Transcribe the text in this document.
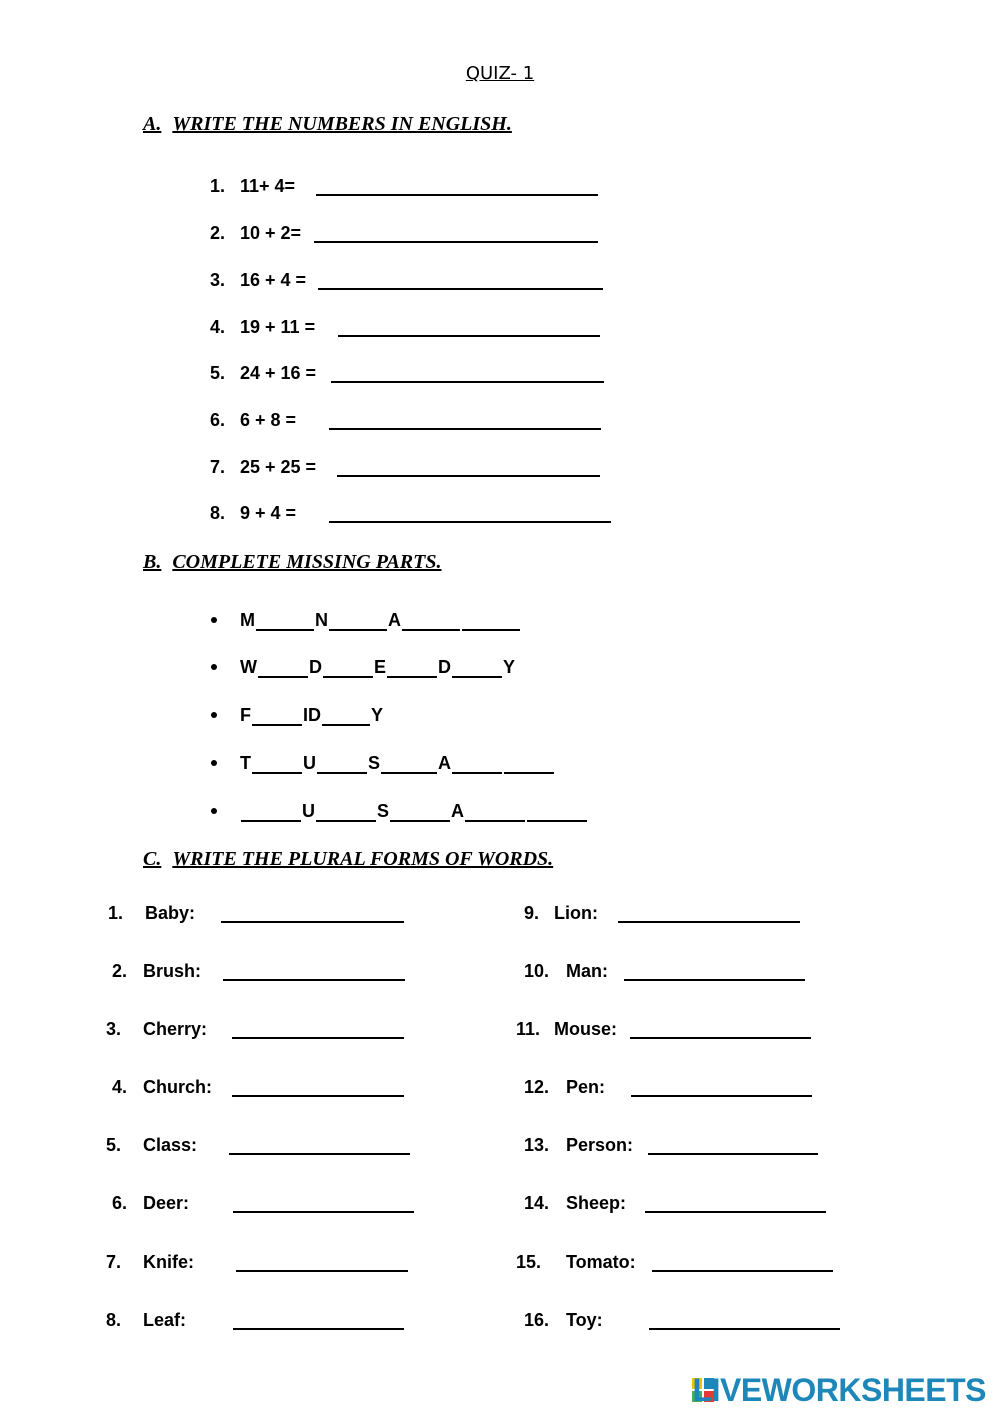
QUIZ- 1
A. WRITE THE NUMBERS IN ENGLISH.
1. 11+ 4=
2. 10 + 2=
3. 16 + 4 =
4. 19 + 11 =
5. 24 + 16 =
6. 6 + 8 =
7. 25 + 25 =
8. 9 + 4 =
B. COMPLETE MISSING PARTS.
M	N	A
W	D	E	D	Y
F	ID	Y
T	U	S	A
U	S	A
C. WRITE THE PLURAL FORMS OF WORDS.
1. Baby:
2. Brush:
3. Cherry:
4. Church:
5. Class:
6. Deer:
7. Knife:
8. Leaf:
9. Lion:
10. Man:
11. Mouse:
12. Pen:
13. Person:
14. Sheep:
15. Tomato:
16. Toy:
LIVEWORKSHEETS
